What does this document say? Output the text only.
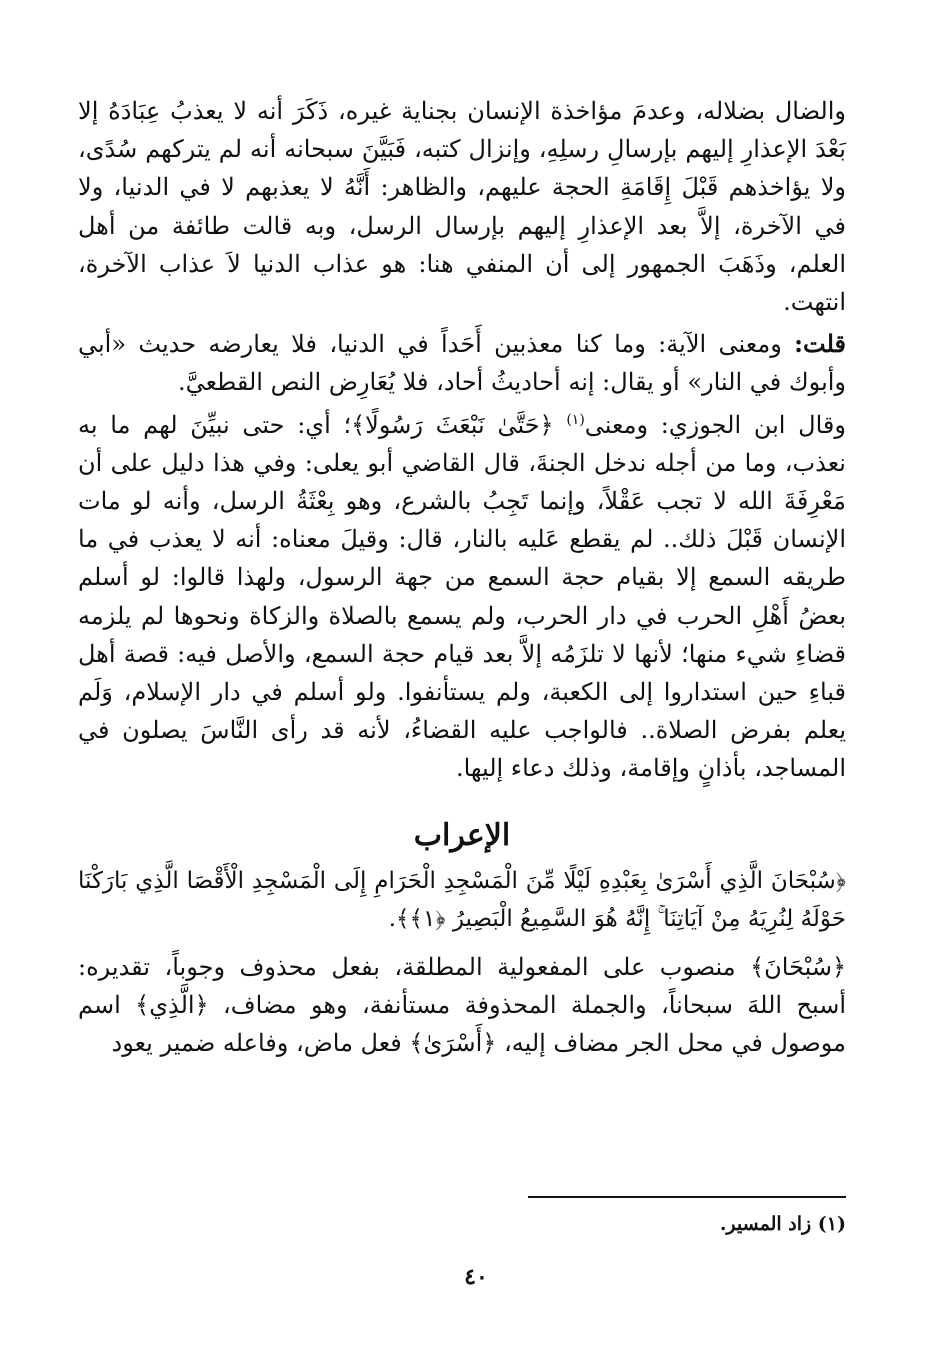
والضال بضلاله، وعدمَ مؤاخذة الإنسان بجناية غيره، ذَكَرَ أنه لا يعذبُ عِبَادَهُ إلا بَعْدَ الإعذارِ إليهم بإرسالِ رسلِهِ، وإنزال كتبه، فَبَيَّنَ سبحانه أنه لم يتركهم سُدًى، ولا يؤاخذهم قَبْلَ إِقَامَةِ الحجة عليهم، والظاهر: أَنَّهُ لا يعذبهم لا في الدنيا، ولا في الآخرة، إلاَّ بعد الإعذارِ إليهم بإرسال الرسل، وبه قالت طائفة من أهل العلم، وذَهَبَ الجمهور إلى أن المنفي هنا: هو عذاب الدنيا لاَ عذاب الآخرة، انتهت.

قلت: ومعنى الآية: وما كنا معذبين أَحَداً في الدنيا، فلا يعارضه حديث «أبي وأبوك في النار» أو يقال: إنه أحاديثُ أحاد، فلا يُعَارِض النص القطعيَّ.

وقال ابن الجوزي: ومعنى$^{(١)}$ ﴿حَتَّىٰ نَبْعَثَ رَسُولًا﴾؛ أي: حتى نبيِّنَ لهم ما به نعذب، وما من أجله ندخل الجنةَ، قال القاضي أبو يعلى: وفي هذا دليل على أن مَعْرِفَةَ الله لا تجب عَقْلاً، وإنما تَجِبُ بالشرع، وهو بِعْثَةُ الرسل، وأنه لو مات الإنسان قَبْلَ ذلك.. لم يقطع عَليه بالنار، قال: وقيلَ معناه: أنه لا يعذب في ما طريقه السمع إلا بقيام حجة السمع من جهة الرسول، ولهذا قالوا: لو أسلم بعضُ أَهْلِ الحرب في دار الحرب، ولم يسمع بالصلاة والزكاة ونحوها لم يلزمه قضاءِ شيء منها؛ لأنها لا تلزَمُه إلاَّ بعد قيام حجة السمع، والأصل فيه: قصة أهل قباءِ حين استداروا إلى الكعبة، ولم يستأنفوا. ولو أسلم في دار الإسلام، وَلَم يعلم بفرض الصلاة.. فالواجب عليه القضاءُ، لأنه قد رأى النَّاسَ يصلون في المساجد، بأذانٍ وإقامة، وذلك دعاء إليها.

الإعراب

﴿سُبْحَانَ الَّذِي أَسْرَىٰ بِعَبْدِهِ لَيْلًا مِّنَ الْمَسْجِدِ الْحَرَامِ إِلَى الْمَسْجِدِ الْأَقْصَا الَّذِي بَارَكْنَا حَوْلَهُ لِنُرِيَهُ مِنْ آيَاتِنَا ۚ إِنَّهُ هُوَ السَّمِيعُ الْبَصِيرُ ﴿١﴾﴾.

﴿سُبْحَانَ﴾ منصوب على المفعولية المطلقة، بفعل محذوف وجوباً، تقديره: أسبح اللهَ سبحاناً، والجملة المحذوفة مستأنفة، وهو مضاف، ﴿الَّذِي﴾ اسم موصول في محل الجر مضاف إليه، ﴿أَسْرَىٰ﴾ فعل ماض، وفاعله ضمير يعود

(١) زاد المسير.
٤٠
